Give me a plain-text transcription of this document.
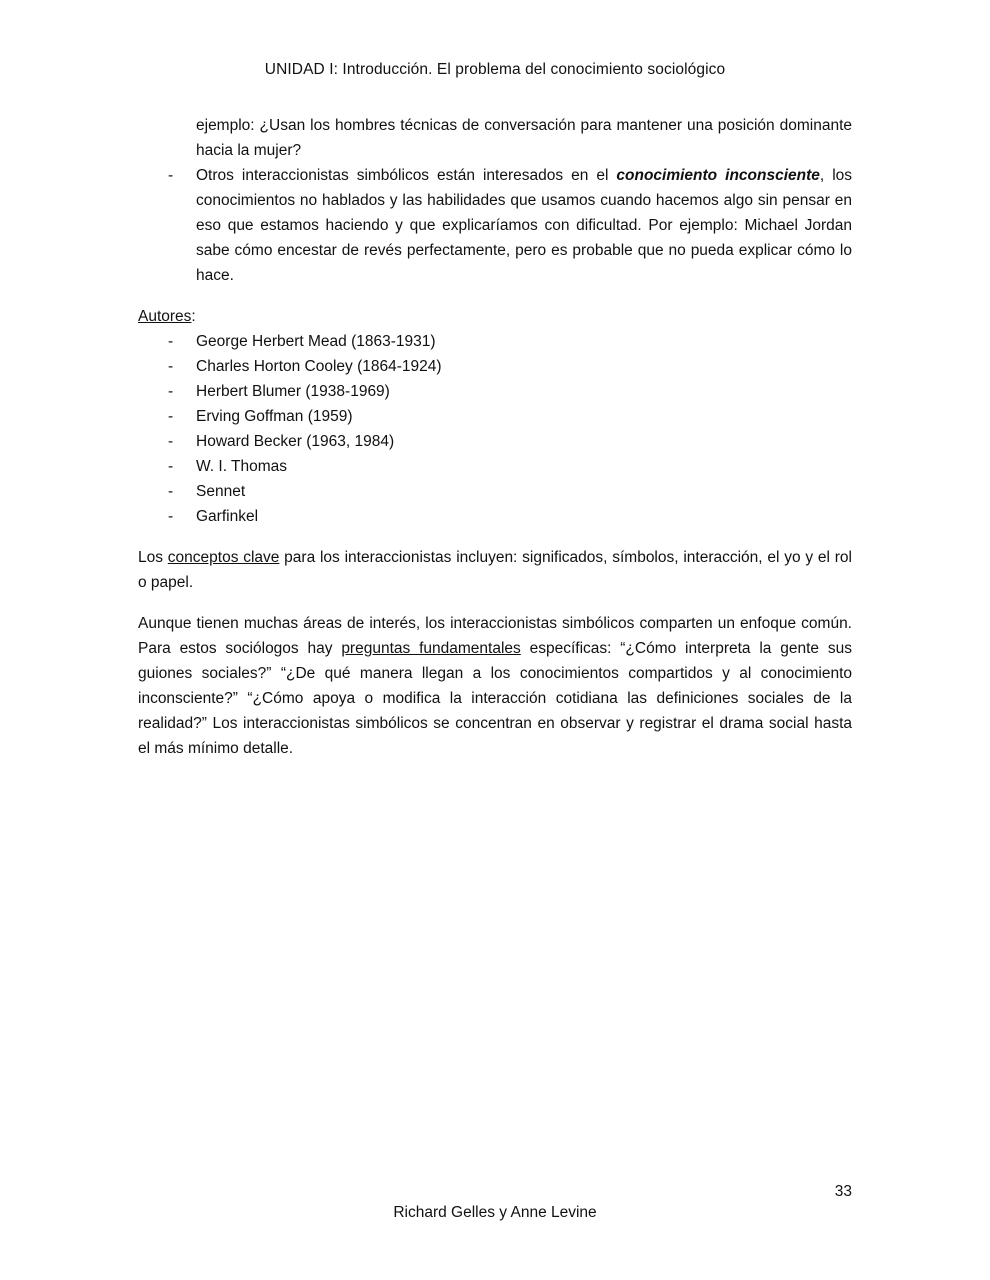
UNIDAD I: Introducción. El problema del conocimiento sociológico
ejemplo: ¿Usan los hombres técnicas de conversación para mantener una posición dominante hacia la mujer?
- Otros interaccionistas simbólicos están interesados en el conocimiento inconsciente, los conocimientos no hablados y las habilidades que usamos cuando hacemos algo sin pensar en eso que estamos haciendo y que explicaríamos con dificultad. Por ejemplo: Michael Jordan sabe cómo encestar de revés perfectamente, pero es probable que no pueda explicar cómo lo hace.
Autores:
- George Herbert Mead (1863-1931)
- Charles Horton Cooley (1864-1924)
- Herbert Blumer (1938-1969)
- Erving Goffman (1959)
- Howard Becker (1963, 1984)
- W. I. Thomas
- Sennet
- Garfinkel

Los conceptos clave para los interaccionistas incluyen: significados, símbolos, interacción, el yo y el rol o papel.

Aunque tienen muchas áreas de interés, los interaccionistas simbólicos comparten un enfoque común. Para estos sociólogos hay preguntas fundamentales específicas: “¿Cómo interpreta la gente sus guiones sociales?” “¿De qué manera llegan a los conocimientos compartidos y al conocimiento inconsciente?” “¿Cómo apoya o modifica la interacción cotidiana las definiciones sociales de la realidad?” Los interaccionistas simbólicos se concentran en observar y registrar el drama social hasta el más mínimo detalle.

33
Richard Gelles y Anne Levine
